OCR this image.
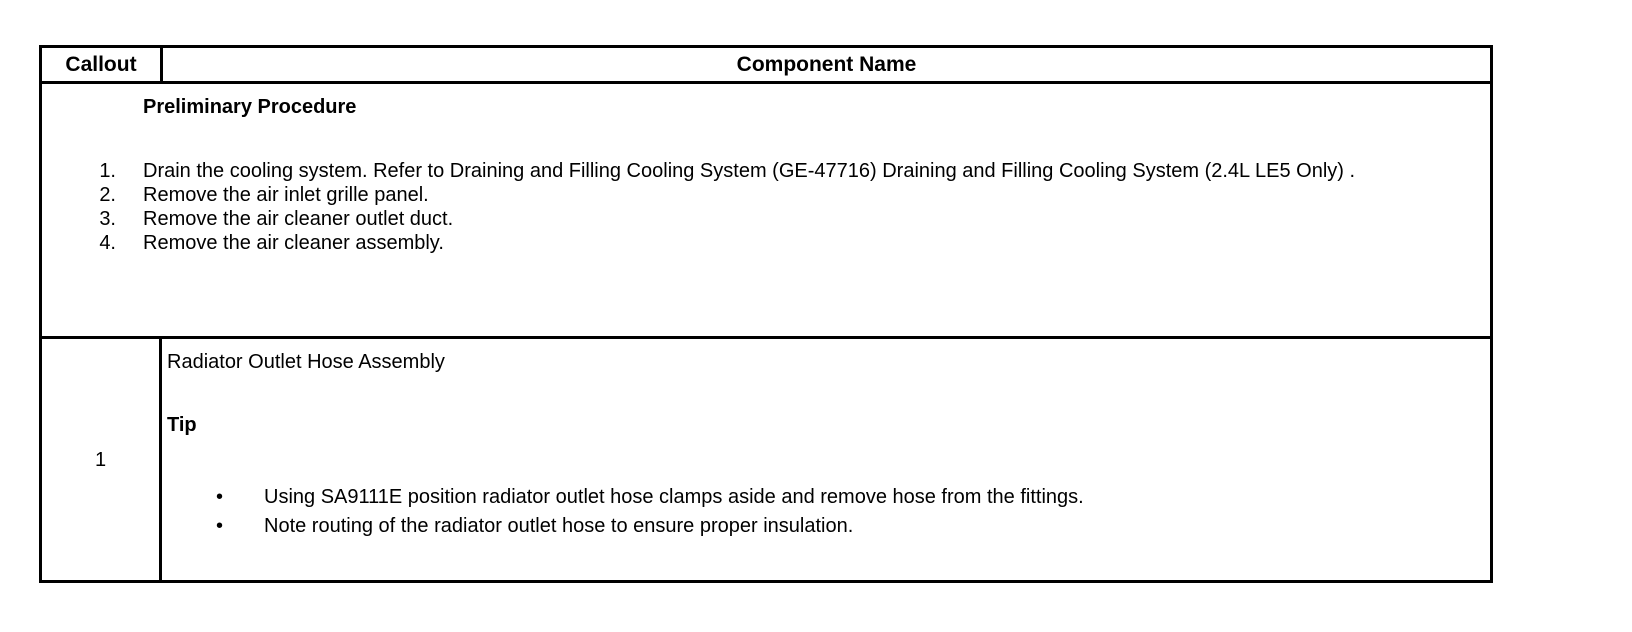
Callout	Component Name
Preliminary Procedure
1. Drain the cooling system. Refer to Draining and Filling Cooling System (GE-47716) Draining and Filling Cooling System (2.4L LE5 Only) .
2. Remove the air inlet grille panel.
3. Remove the air cleaner outlet duct.
4. Remove the air cleaner assembly.
1
Radiator Outlet Hose Assembly
Tip
• Using SA9111E position radiator outlet hose clamps aside and remove hose from the fittings.
• Note routing of the radiator outlet hose to ensure proper insulation.
